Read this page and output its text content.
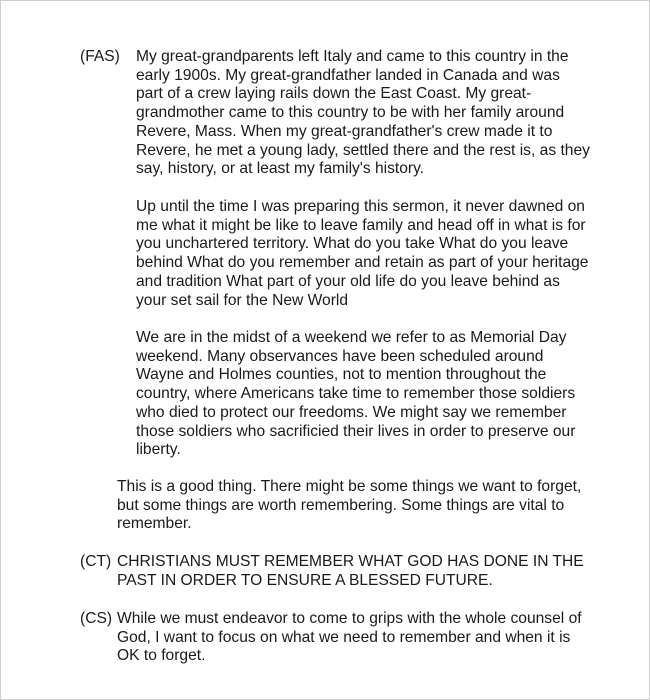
(FAS) My great-grandparents left Italy and came to this country in the early 1900s. My great-grandfather landed in Canada and was part of a crew laying rails down the East Coast. My great-grandmother came to this country to be with her family around Revere, Mass. When my great-grandfather's crew made it to Revere, he met a young lady, settled there and the rest is, as they say, history, or at least my family's history.

Up until the time I was preparing this sermon, it never dawned on me what it might be like to leave family and head off in what is for you unchartered territory. What do you take What do you leave behind What do you remember and retain as part of your heritage and tradition What part of your old life do you leave behind as your set sail for the New World

We are in the midst of a weekend we refer to as Memorial Day weekend. Many observances have been scheduled around Wayne and Holmes counties, not to mention throughout the country, where Americans take time to remember those soldiers who died to protect our freedoms. We might say we remember those soldiers who sacrificied their lives in order to preserve our liberty.

This is a good thing. There might be some things we want to forget, but some things are worth remembering. Some things are vital to remember.

(CT) CHRISTIANS MUST REMEMBER WHAT GOD HAS DONE IN THE PAST IN ORDER TO ENSURE A BLESSED FUTURE.

(CS) While we must endeavor to come to grips with the whole counsel of God, I want to focus on what we need to remember and when it is OK to forget.
